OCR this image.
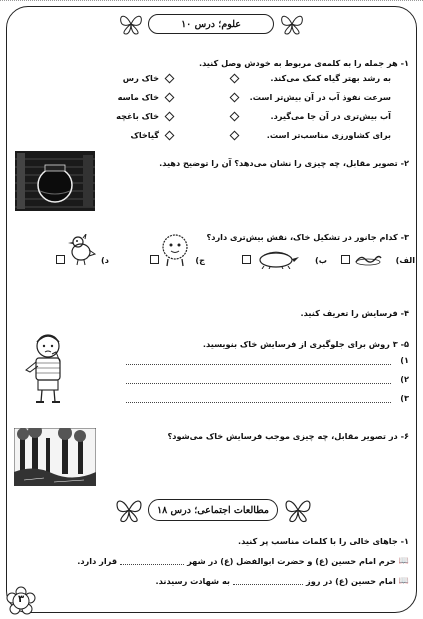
علوم؛ درس ۱۰
۱- هر جمله را به کلمه‌ی مربوط به خودش وصل کنید.
به رشد بهتر گیاه کمک می‌کند.
سرعت نفوذ آب در آن بیش‌تر است.
آب بیش‌تری در آن جا می‌گیرد.
برای کشاورزی مناسب‌تر است.
خاک رس
خاک ماسه
خاک باغچه
گیاخاک
۲- تصویر مقابل، چه چیزی را نشان می‌دهد؟ آن را توضیح دهید.
۳- کدام جانور در تشکیل خاک، نقش بیش‌تری دارد؟
الف)
ب)
ج)
د)
۴- فرسایش را تعریف کنید.
۵- ۳ روش برای جلوگیری از فرسایش خاک بنویسید.
۱)
۲)
۳)
۶- در تصویر مقابل، چه چیزی موجب فرسایش خاک می‌شود؟
مطالعات اجتماعی؛ درس ۱۸
۱- جاهای خالی را با کلمات مناسب پر کنید.
📖
حرم امام حسین (ع) و حضرت ابوالفضل (ع) در شهر
قرار دارد.
📖
امام حسین (ع) در روز
به شهادت رسیدند.
۳
